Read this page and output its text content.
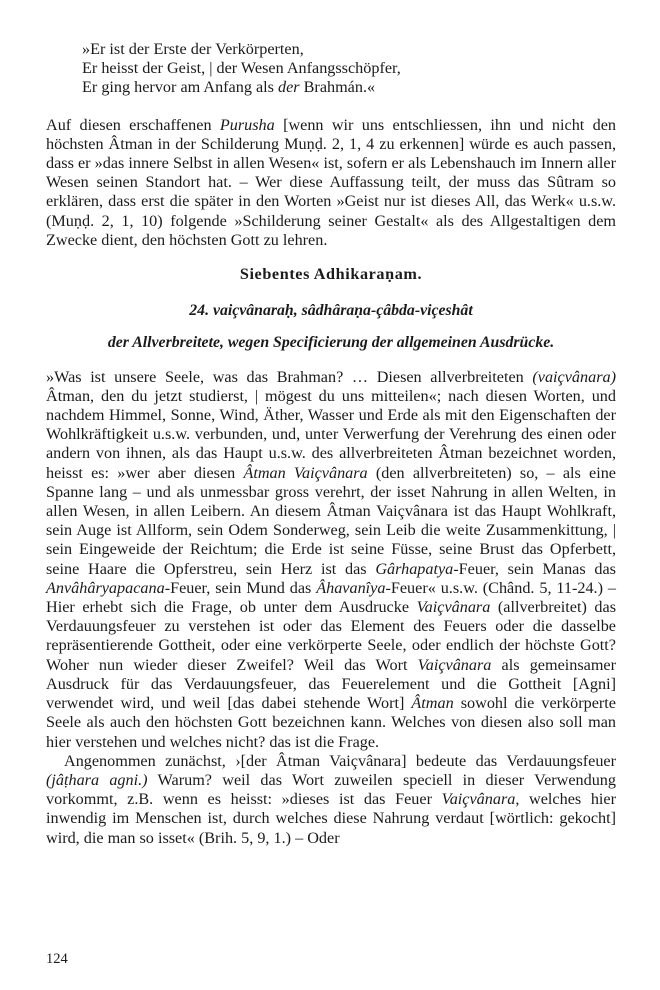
»Er ist der Erste der Verkörperten,
Er heisst der Geist, | der Wesen Anfangsschöpfer,
Er ging hervor am Anfang als der Brahmán.«

Auf diesen erschaffenen Purusha [wenn wir uns entschliessen, ihn und nicht den höchsten Âtman in der Schilderung Muṇḍ. 2, 1, 4 zu erkennen] würde es auch passen, dass er »das innere Selbst in allen Wesen« ist, sofern er als Lebenshauch im Innern aller Wesen seinen Standort hat. – Wer diese Auffassung teilt, der muss das Sûtram so erklären, dass erst die später in den Worten »Geist nur ist dieses All, das Werk« u.s.w. (Muṇḍ. 2, 1, 10) folgende »Schilderung seiner Gestalt« als des Allgestaltigen dem Zwecke dient, den höchsten Gott zu lehren.

Siebentes Adhikaraṇam.
24. vaiçvânaraḥ, sâdhâraṇa-çâbda-viçeshât
der Allverbreitete, wegen Specificierung der allgemeinen Ausdrücke.

»Was ist unsere Seele, was das Brahman? … Diesen allverbreiteten (vaiçvânara) Âtman, den du jetzt studierst, | mögest du uns mitteilen«; nach diesen Worten, und nachdem Himmel, Sonne, Wind, Äther, Wasser und Erde als mit den Eigenschaften der Wohlkräftigkeit u.s.w. verbunden, und, unter Verwerfung der Verehrung des einen oder andern von ihnen, als das Haupt u.s.w. des allverbreiteten Âtman bezeichnet worden, heisst es: »wer aber diesen Âtman Vaiçvânara (den allverbreiteten) so, – als eine Spanne lang – und als unmessbar gross verehrt, der isset Nahrung in allen Welten, in allen Wesen, in allen Leibern. An diesem Âtman Vaiçvânara ist das Haupt Wohlkraft, sein Auge ist Allform, sein Odem Sonderweg, sein Leib die weite Zusammenkittung, | sein Eingeweide der Reichtum; die Erde ist seine Füsse, seine Brust das Opferbett, seine Haare die Opferstreu, sein Herz ist das Gârhapatya-Feuer, sein Manas das Anvâhâryapacana-Feuer, sein Mund das Âhavanîya-Feuer« u.s.w. (Chând. 5, 11-24.) – Hier erhebt sich die Frage, ob unter dem Ausdrucke Vaiçvânara (allverbreitet) das Verdauungsfeuer zu verstehen ist oder das Element des Feuers oder die dasselbe repräsentierende Gottheit, oder eine verkörperte Seele, oder endlich der höchste Gott? Woher nun wieder dieser Zweifel? Weil das Wort Vaiçvânara als gemeinsamer Ausdruck für das Verdauungsfeuer, das Feuerelement und die Gottheit [Agni] verwendet wird, und weil [das dabei stehende Wort] Âtman sowohl die verkörperte Seele als auch den höchsten Gott bezeichnen kann. Welches von diesen also soll man hier verstehen und welches nicht? das ist die Frage.

Angenommen zunächst, ›[der Âtman Vaiçvânara] bedeute das Verdauungsfeuer (jâṭhara agni.) Warum? weil das Wort zuweilen speciell in dieser Verwendung vorkommt, z.B. wenn es heisst: »dieses ist das Feuer Vaiçvânara, welches hier inwendig im Menschen ist, durch welches diese Nahrung verdaut [wörtlich: gekocht] wird, die man so isset« (Brih. 5, 9, 1.) – Oder

124
